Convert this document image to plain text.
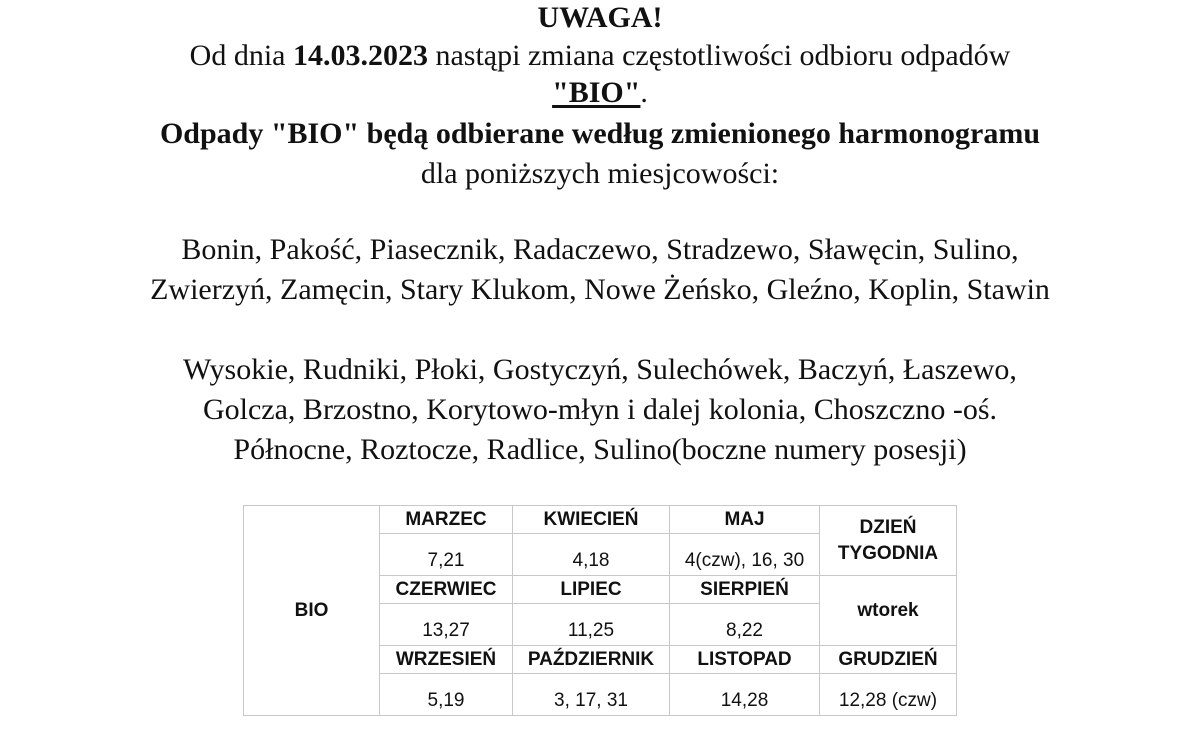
UWAGA!
Od dnia 14.03.2023 nastąpi zmiana częstotliwości odbioru odpadów
"BIO".
Odpady "BIO" będą odbierane według zmienionego harmonogramu
dla poniższych miesjcowości:
Bonin, Pakość, Piasecznik, Radaczewo, Stradzewo, Sławęcin, Sulino,
Zwierzyń, Zamęcin, Stary Klukom, Nowe Żeńsko, Gleźno, Koplin, Stawin
Wysokie, Rudniki, Płoki, Gostyczyń, Sulechówek, Baczyń, Łaszewo,
Golcza, Brzostno, Korytowo-młyn i dalej kolonia, Choszczno -oś.
Północne, Roztocze, Radlice, Sulino(boczne numery posesji)
BIO	MARZEC	KWIECIEŃ	MAJ	DZIEŃ TYGODNIA
	7,21	4,18	4(czw), 16, 30	
	CZERWIEC	LIPIEC	SIERPIEŃ	wtorek
	13,27	11,25	8,22	
	WRZESIEŃ	PAŹDZIERNIK	LISTOPAD	GRUDZIEŃ
	5,19	3, 17, 31	14,28	12,28 (czw)
